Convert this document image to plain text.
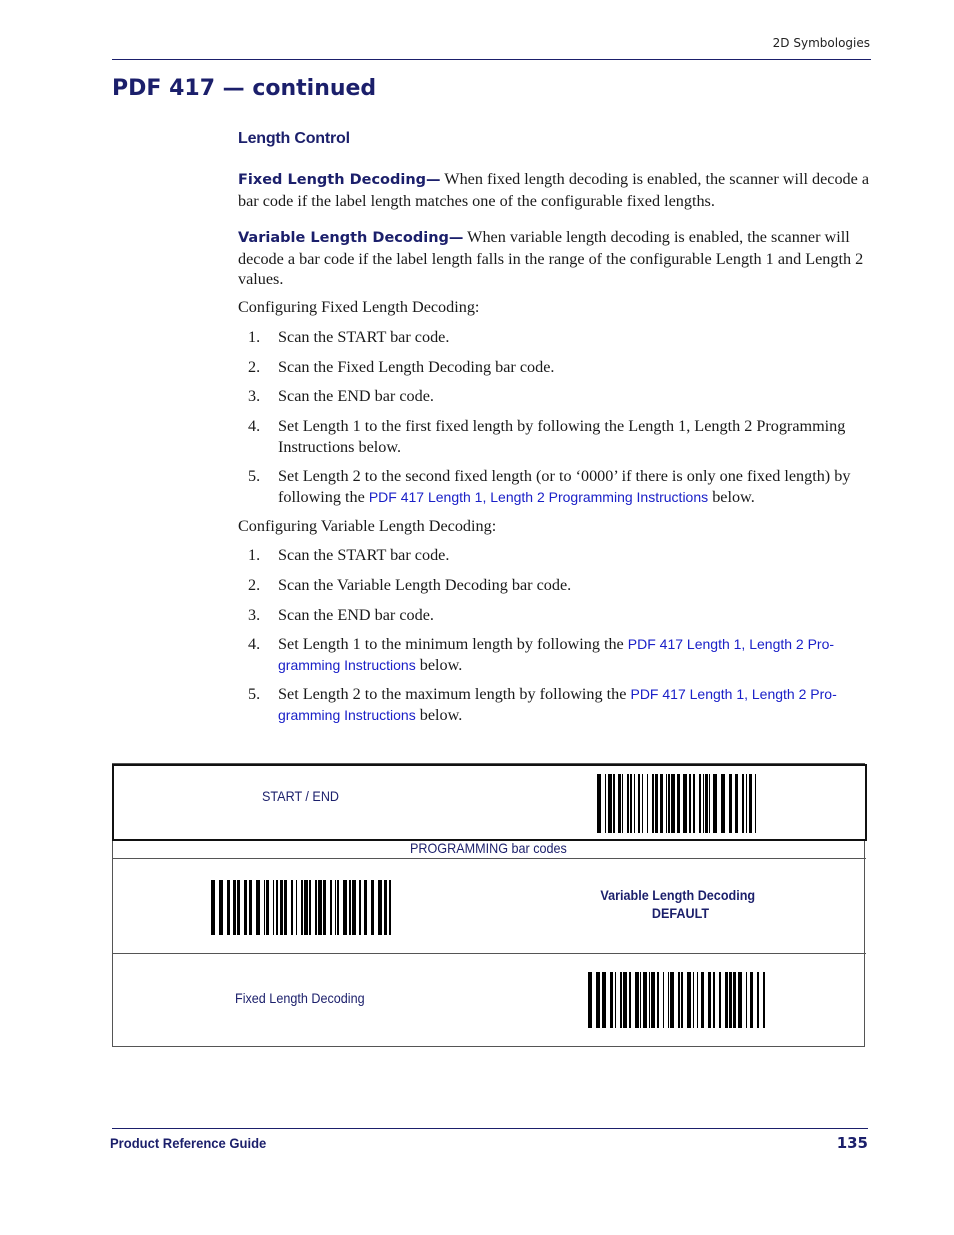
2D Symbologies
PDF 417 — continued
Length Control

Fixed Length Decoding— When fixed length decoding is enabled, the scanner will decode a bar code if the label length matches one of the configurable fixed lengths.

Variable Length Decoding— When variable length decoding is enabled, the scanner will decode a bar code if the label length falls in the range of the configurable Length 1 and Length 2 values.

Configuring Fixed Length Decoding:

1. Scan the START bar code.
2. Scan the Fixed Length Decoding bar code.
3. Scan the END bar code.
4. Set Length 1 to the first fixed length by following the Length 1, Length 2 Programming Instructions below.
5. Set Length 2 to the second fixed length (or to ‘0000’ if there is only one fixed length) by following the PDF 417 Length 1, Length 2 Programming Instructions below.

Configuring Variable Length Decoding:

1. Scan the START bar code.
2. Scan the Variable Length Decoding bar code.
3. Scan the END bar code.
4. Set Length 1 to the minimum length by following the PDF 417 Length 1, Length 2 Pro-
gramming Instructions below.
5. Set Length 2 to the maximum length by following the PDF 417 Length 1, Length 2 Pro-
gramming Instructions below.
START / END
PROGRAMMING bar codes
Variable Length Decoding
DEFAULT
Fixed Length Decoding
Product Reference Guide	135
